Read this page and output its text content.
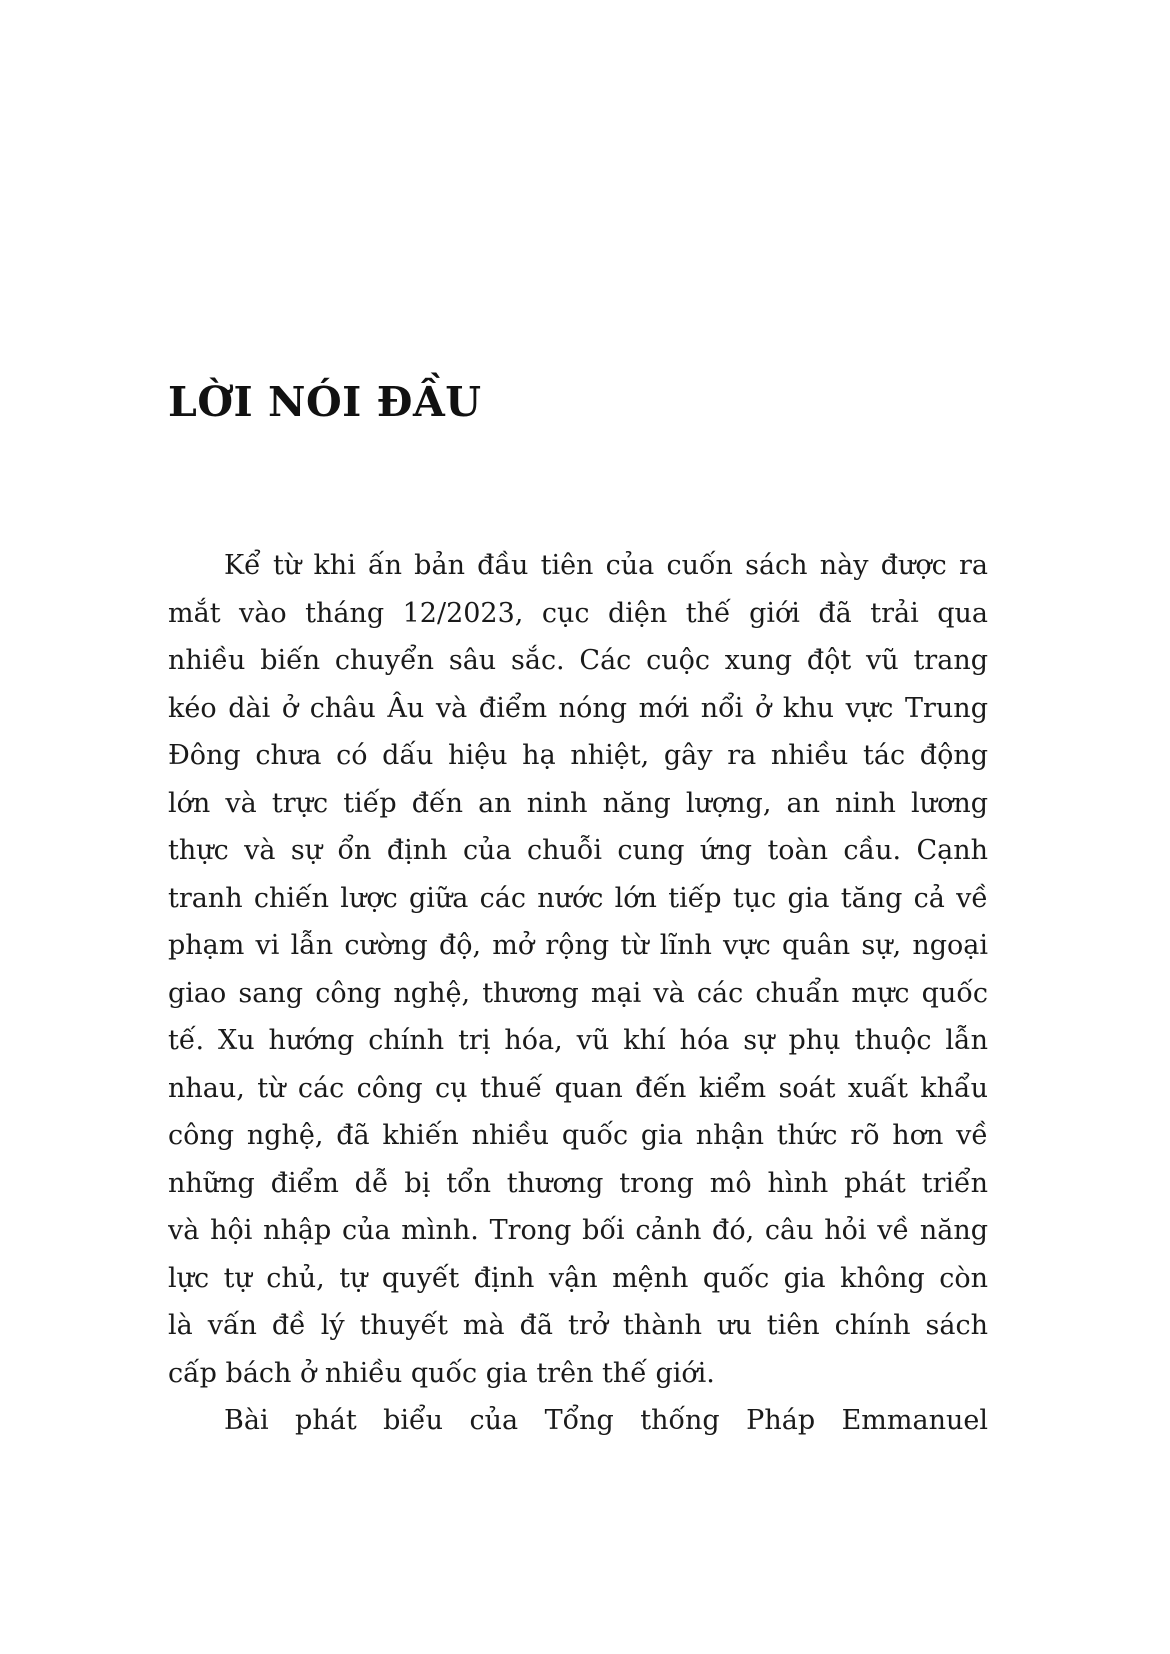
LỜI NÓI ĐẦU
Kể từ khi ấn bản đầu tiên của cuốn sách này được ra
mắt vào tháng 12/2023, cục diện thế giới đã trải qua
nhiều biến chuyển sâu sắc. Các cuộc xung đột vũ trang
kéo dài ở châu Âu và điểm nóng mới nổi ở khu vực Trung
Đông chưa có dấu hiệu hạ nhiệt, gây ra nhiều tác động
lớn và trực tiếp đến an ninh năng lượng, an ninh lương
thực và sự ổn định của chuỗi cung ứng toàn cầu. Cạnh
tranh chiến lược giữa các nước lớn tiếp tục gia tăng cả về
phạm vi lẫn cường độ, mở rộng từ lĩnh vực quân sự, ngoại
giao sang công nghệ, thương mại và các chuẩn mực quốc
tế. Xu hướng chính trị hóa, vũ khí hóa sự phụ thuộc lẫn
nhau, từ các công cụ thuế quan đến kiểm soát xuất khẩu
công nghệ, đã khiến nhiều quốc gia nhận thức rõ hơn về
những điểm dễ bị tổn thương trong mô hình phát triển
và hội nhập của mình. Trong bối cảnh đó, câu hỏi về năng
lực tự chủ, tự quyết định vận mệnh quốc gia không còn
là vấn đề lý thuyết mà đã trở thành ưu tiên chính sách
cấp bách ở nhiều quốc gia trên thế giới.
Bài phát biểu của Tổng thống Pháp Emmanuel
